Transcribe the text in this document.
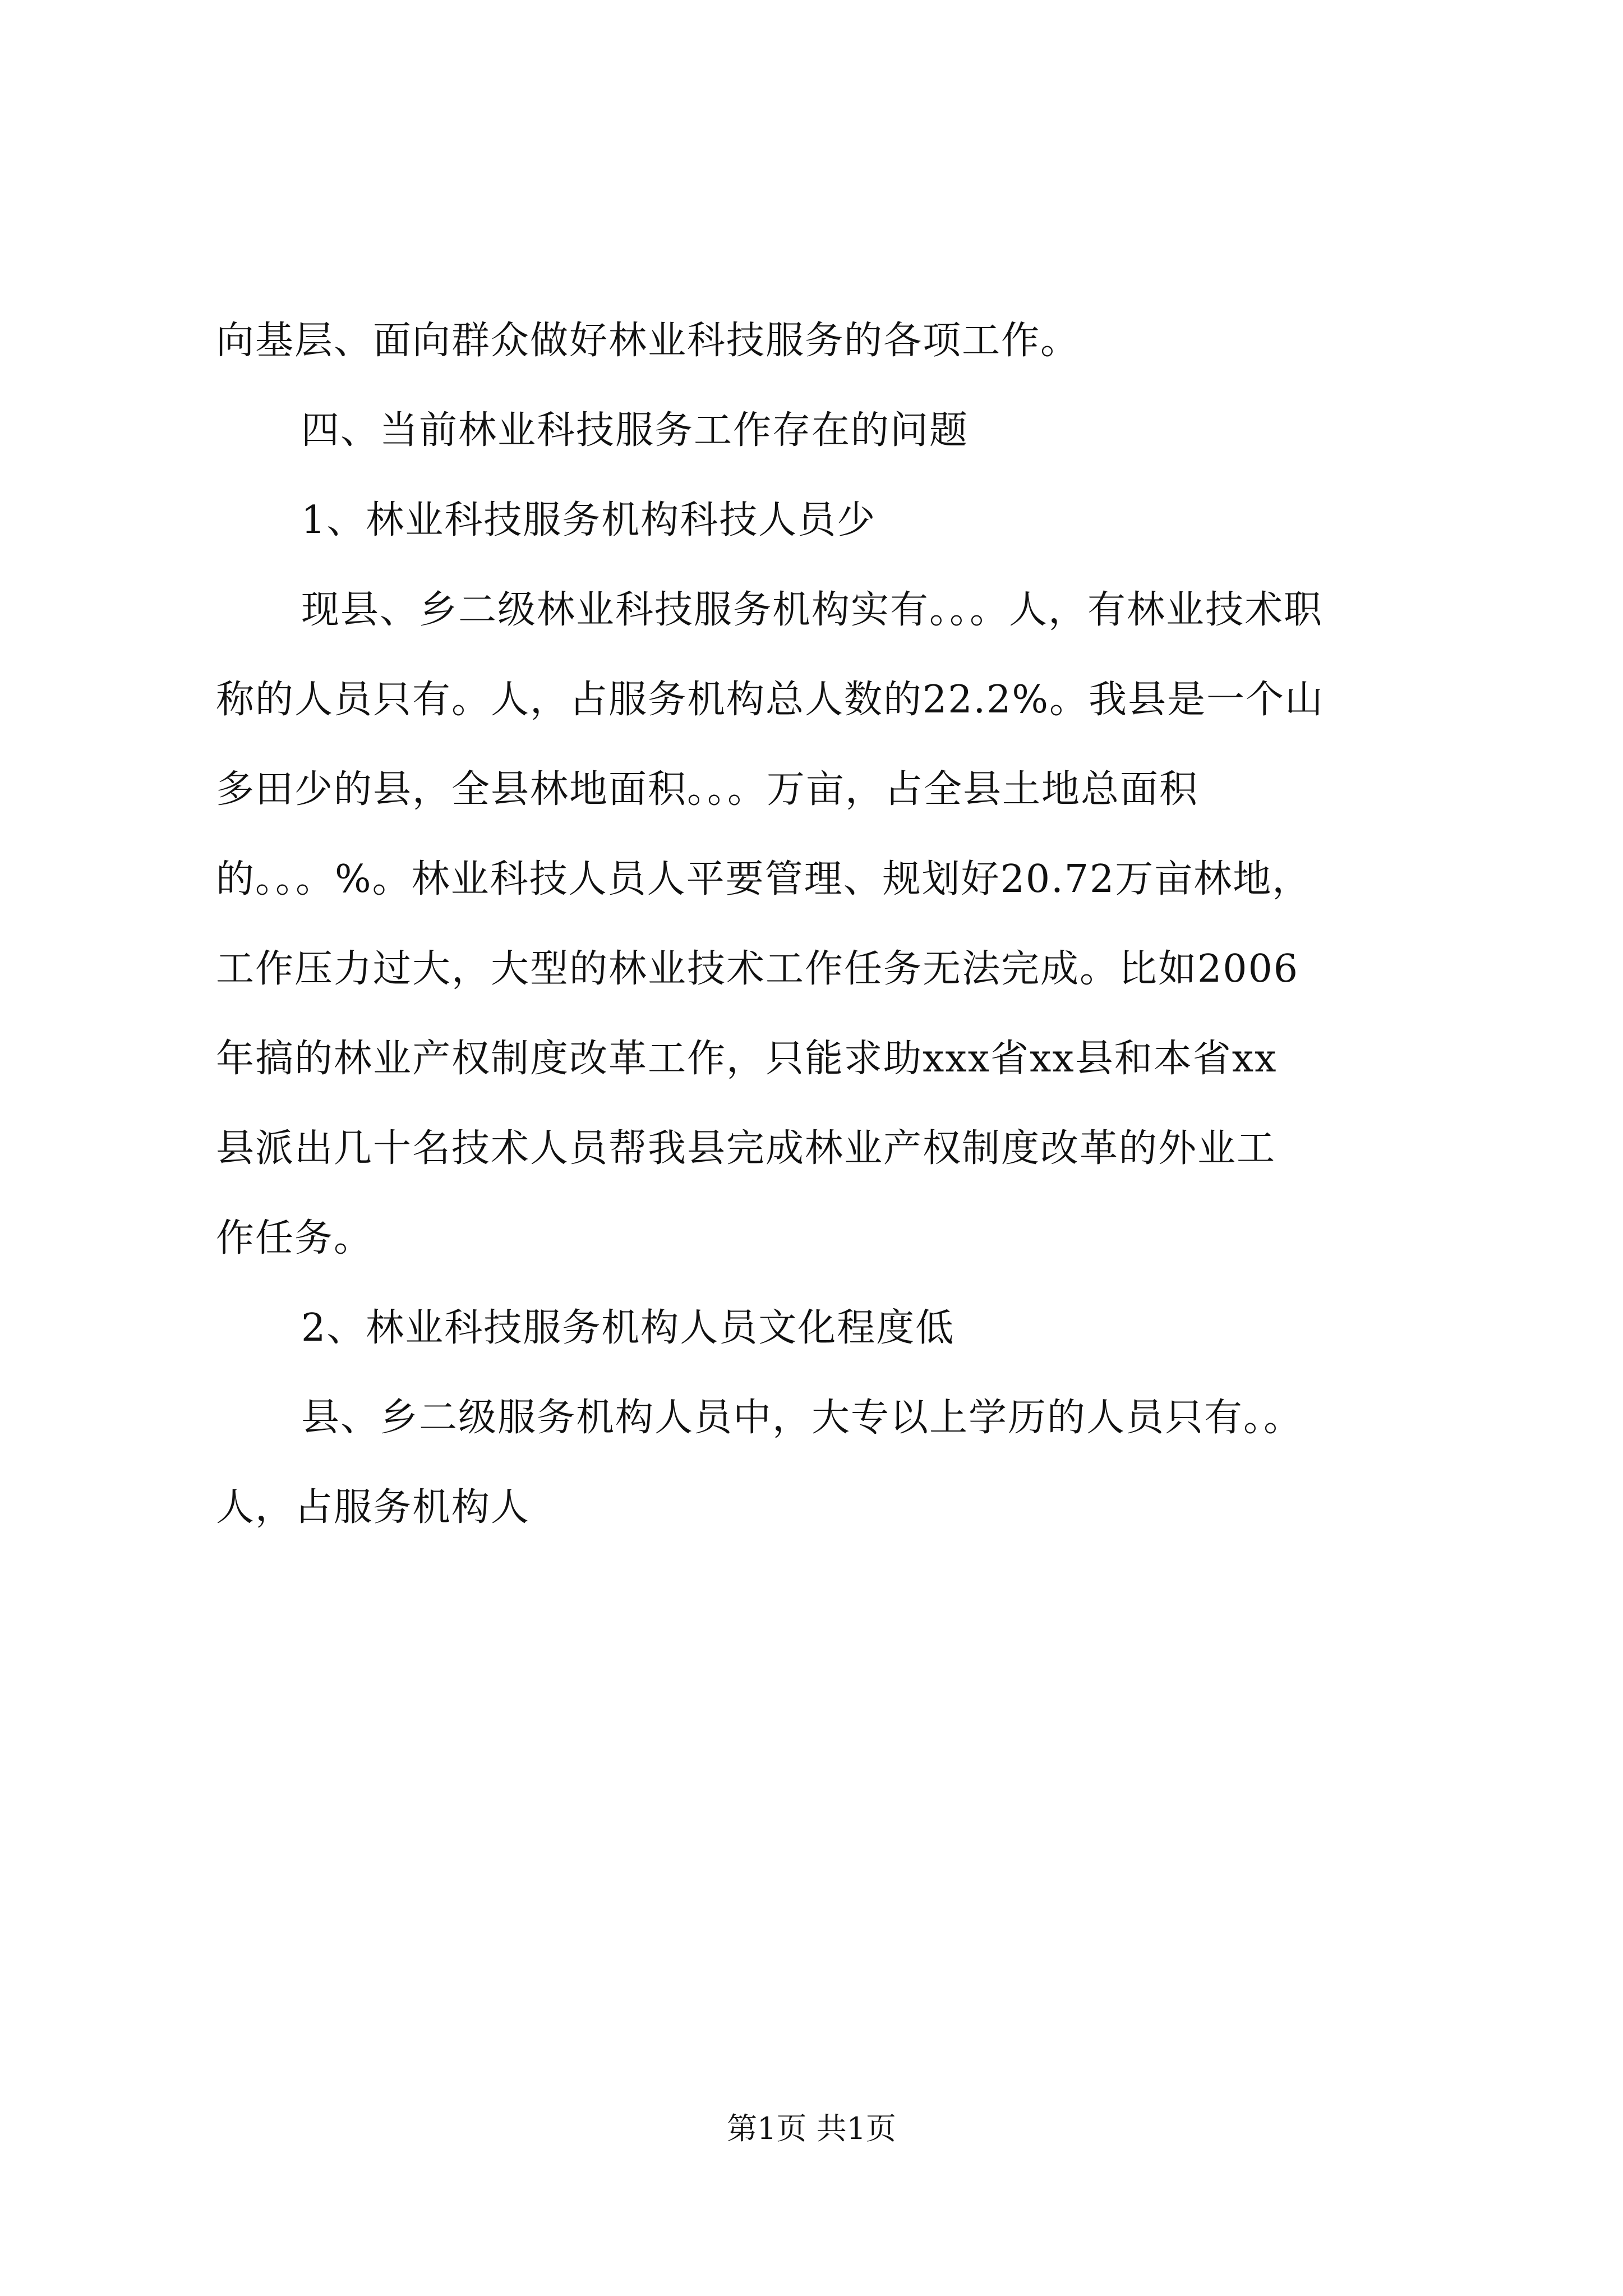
向基层、面向群众做好林业科技服务的各项工作。
四、当前林业科技服务工作存在的问题
1、林业科技服务机构科技人员少
现县、乡二级林业科技服务机构实有。。。人，有林业技术职
称的人员只有。人，占服务机构总人数的22.2%。我县是一个山
多田少的县，全县林地面积。。。万亩，占全县土地总面积
的。。。%。林业科技人员人平要管理、规划好20.72万亩林地，
工作压力过大，大型的林业技术工作任务无法完成。比如2006
年搞的林业产权制度改革工作，只能求助xxx省xx县和本省xx
县派出几十名技术人员帮我县完成林业产权制度改革的外业工
作任务。
2、林业科技服务机构人员文化程度低
县、乡二级服务机构人员中，大专以上学历的人员只有。。
人，占服务机构人
第1页 共1页
